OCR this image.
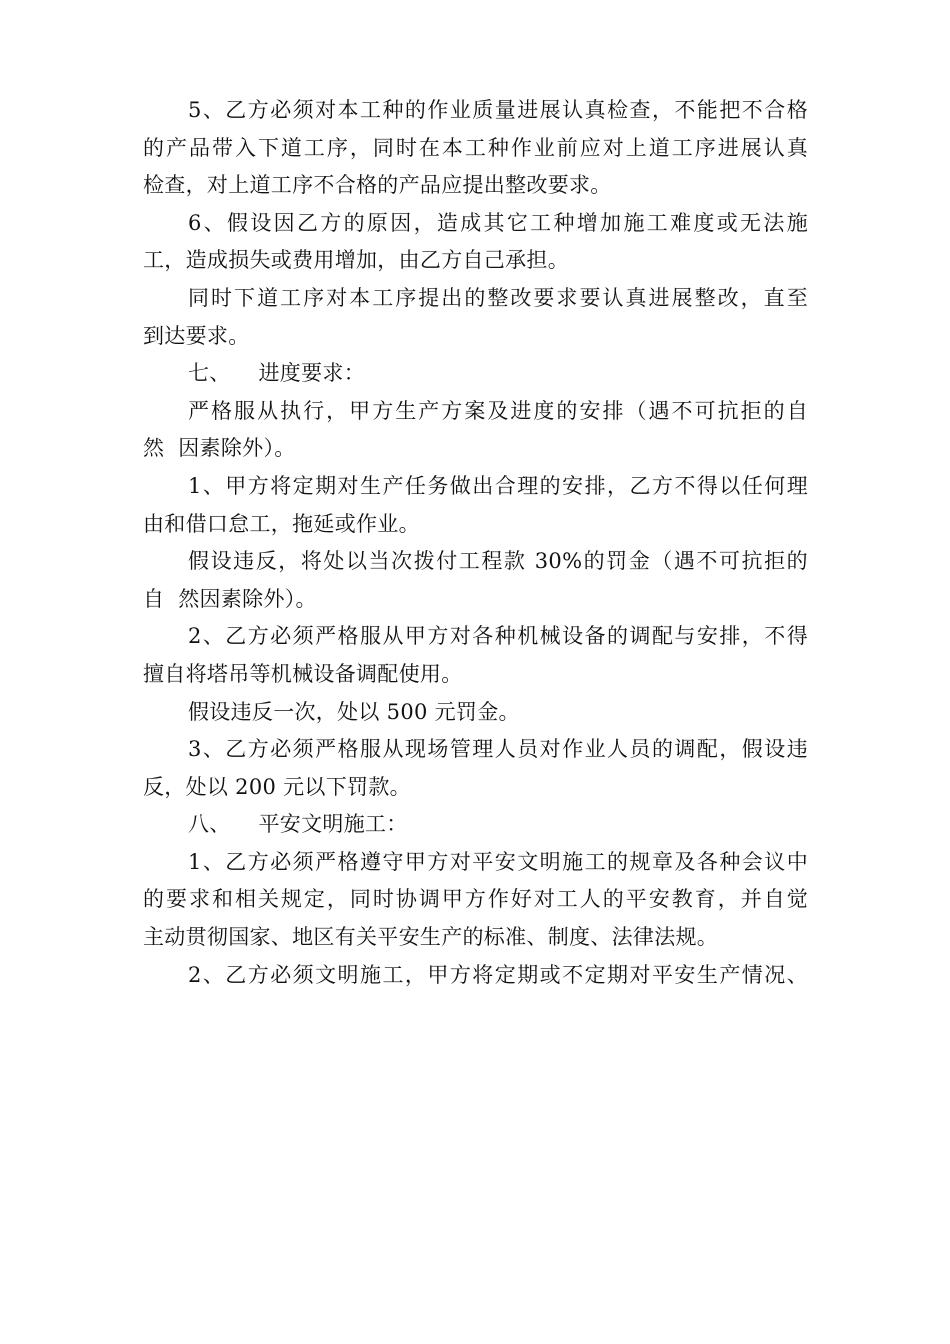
5、乙方必须对本工种的作业质量进展认真检查，不能把不合格
的产品带入下道工序，同时在本工种作业前应对上道工序进展认真
检查，对上道工序不合格的产品应提出整改要求。
6、假设因乙方的原因，造成其它工种增加施工难度或无法施
工，造成损失或费用增加，由乙方自己承担。
同时下道工序对本工序提出的整改要求要认真进展整改，直至
到达要求。
七、    进度要求：
严格服从执行，甲方生产方案及进度的安排（遇不可抗拒的自
然  因素除外）。
1、甲方将定期对生产任务做出合理的安排，乙方不得以任何理
由和借口怠工，拖延或作业。
假设违反，将处以当次拨付工程款 30%的罚金（遇不可抗拒的
自  然因素除外）。
2、乙方必须严格服从甲方对各种机械设备的调配与安排，不得
擅自将塔吊等机械设备调配使用。
假设违反一次，处以 500 元罚金。
3、乙方必须严格服从现场管理人员对作业人员的调配，假设违
反，处以 200 元以下罚款。
八、    平安文明施工：
1、乙方必须严格遵守甲方对平安文明施工的规章及各种会议中
的要求和相关规定，同时协调甲方作好对工人的平安教育，并自觉
主动贯彻国家、地区有关平安生产的标准、制度、法律法规。
2、乙方必须文明施工，甲方将定期或不定期对平安生产情况、
